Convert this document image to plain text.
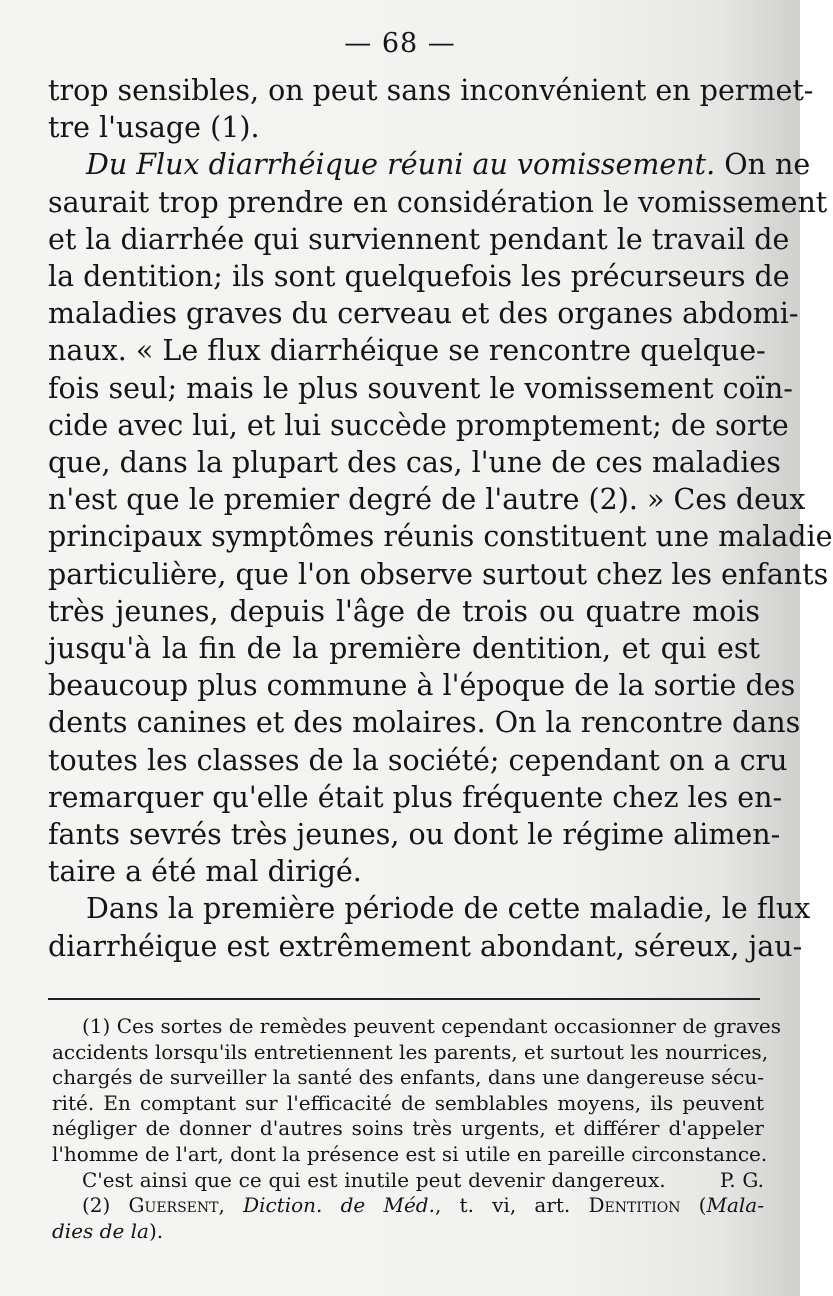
— 68 —
trop sensibles, on peut sans inconvénient en permet-
tre l'usage (1).
Du Flux diarrhéique réuni au vomissement. On ne
saurait trop prendre en considération le vomissement
et la diarrhée qui surviennent pendant le travail de
la dentition; ils sont quelquefois les précurseurs de
maladies graves du cerveau et des organes abdomi-
naux. « Le flux diarrhéique se rencontre quelque-
fois seul; mais le plus souvent le vomissement coïn-
cide avec lui, et lui succède promptement; de sorte
que, dans la plupart des cas, l'une de ces maladies
n'est que le premier degré de l'autre (2). » Ces deux
principaux symptômes réunis constituent une maladie
particulière, que l'on observe surtout chez les enfants
très jeunes, depuis l'âge de trois ou quatre mois
jusqu'à la fin de la première dentition, et qui est
beaucoup plus commune à l'époque de la sortie des
dents canines et des molaires. On la rencontre dans
toutes les classes de la société; cependant on a cru
remarquer qu'elle était plus fréquente chez les en-
fants sevrés très jeunes, ou dont le régime alimen-
taire a été mal dirigé.
Dans la première période de cette maladie, le flux
diarrhéique est extrêmement abondant, séreux, jau-
(1) Ces sortes de remèdes peuvent cependant occasionner de graves
accidents lorsqu'ils entretiennent les parents, et surtout les nourrices,
chargés de surveiller la santé des enfants, dans une dangereuse sécu-
rité. En comptant sur l'efficacité de semblables moyens, ils peuvent
négliger de donner d'autres soins très urgents, et différer d'appeler
l'homme de l'art, dont la présence est si utile en pareille circonstance.
C'est ainsi que ce qui est inutile peut devenir dangereux.        P. G.
(2) Guersent, Diction. de Méd., t. vi, art. Dentition (Mala-
dies de la).
